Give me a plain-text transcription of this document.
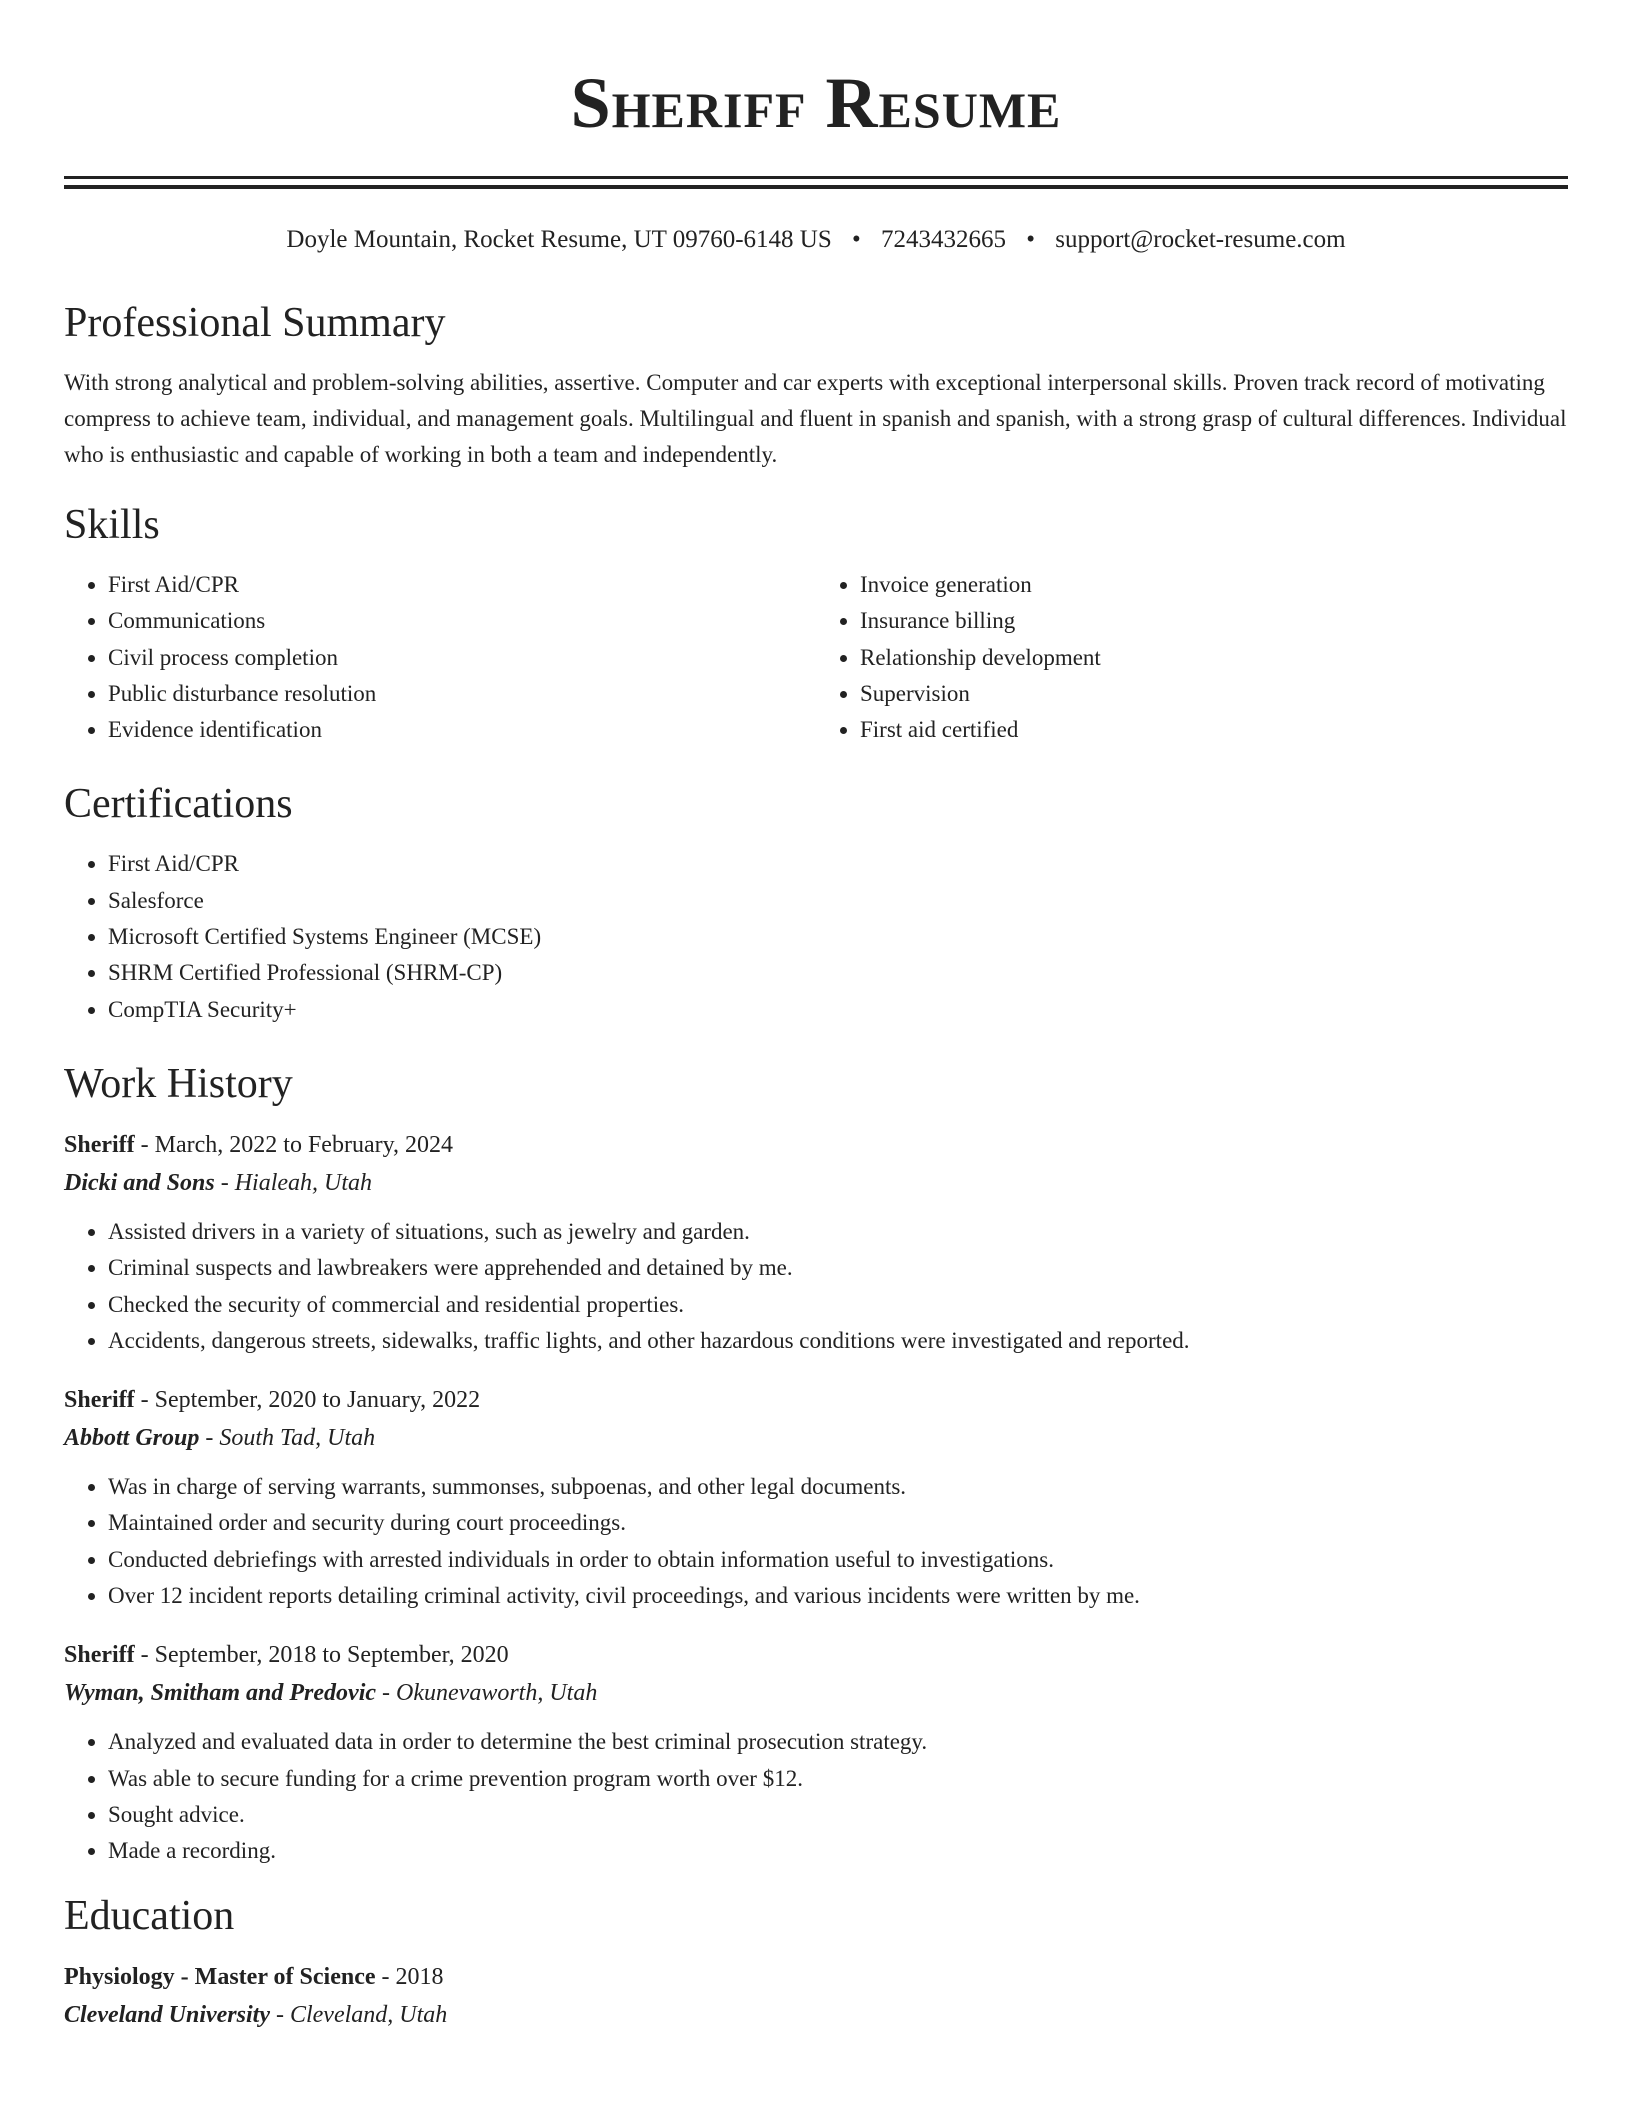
Sheriff Resume
Doyle Mountain, Rocket Resume, UT 09760-6148 US • 7243432665 • support@rocket-resume.com
Professional Summary
With strong analytical and problem-solving abilities, assertive. Computer and car experts with exceptional interpersonal skills. Proven track record of motivating compress to achieve team, individual, and management goals. Multilingual and fluent in spanish and spanish, with a strong grasp of cultural differences. Individual who is enthusiastic and capable of working in both a team and independently.
Skills
• First Aid/CPR
• Communications
• Civil process completion
• Public disturbance resolution
• Evidence identification
• Invoice generation
• Insurance billing
• Relationship development
• Supervision
• First aid certified
Certifications
• First Aid/CPR
• Salesforce
• Microsoft Certified Systems Engineer (MCSE)
• SHRM Certified Professional (SHRM-CP)
• CompTIA Security+
Work History
Sheriff - March, 2022 to February, 2024
Dicki and Sons - Hialeah, Utah
• Assisted drivers in a variety of situations, such as jewelry and garden.
• Criminal suspects and lawbreakers were apprehended and detained by me.
• Checked the security of commercial and residential properties.
• Accidents, dangerous streets, sidewalks, traffic lights, and other hazardous conditions were investigated and reported.
Sheriff - September, 2020 to January, 2022
Abbott Group - South Tad, Utah
• Was in charge of serving warrants, summonses, subpoenas, and other legal documents.
• Maintained order and security during court proceedings.
• Conducted debriefings with arrested individuals in order to obtain information useful to investigations.
• Over 12 incident reports detailing criminal activity, civil proceedings, and various incidents were written by me.
Sheriff - September, 2018 to September, 2020
Wyman, Smitham and Predovic - Okunevaworth, Utah
• Analyzed and evaluated data in order to determine the best criminal prosecution strategy.
• Was able to secure funding for a crime prevention program worth over $12.
• Sought advice.
• Made a recording.
Education
Physiology - Master of Science - 2018
Cleveland University - Cleveland, Utah
